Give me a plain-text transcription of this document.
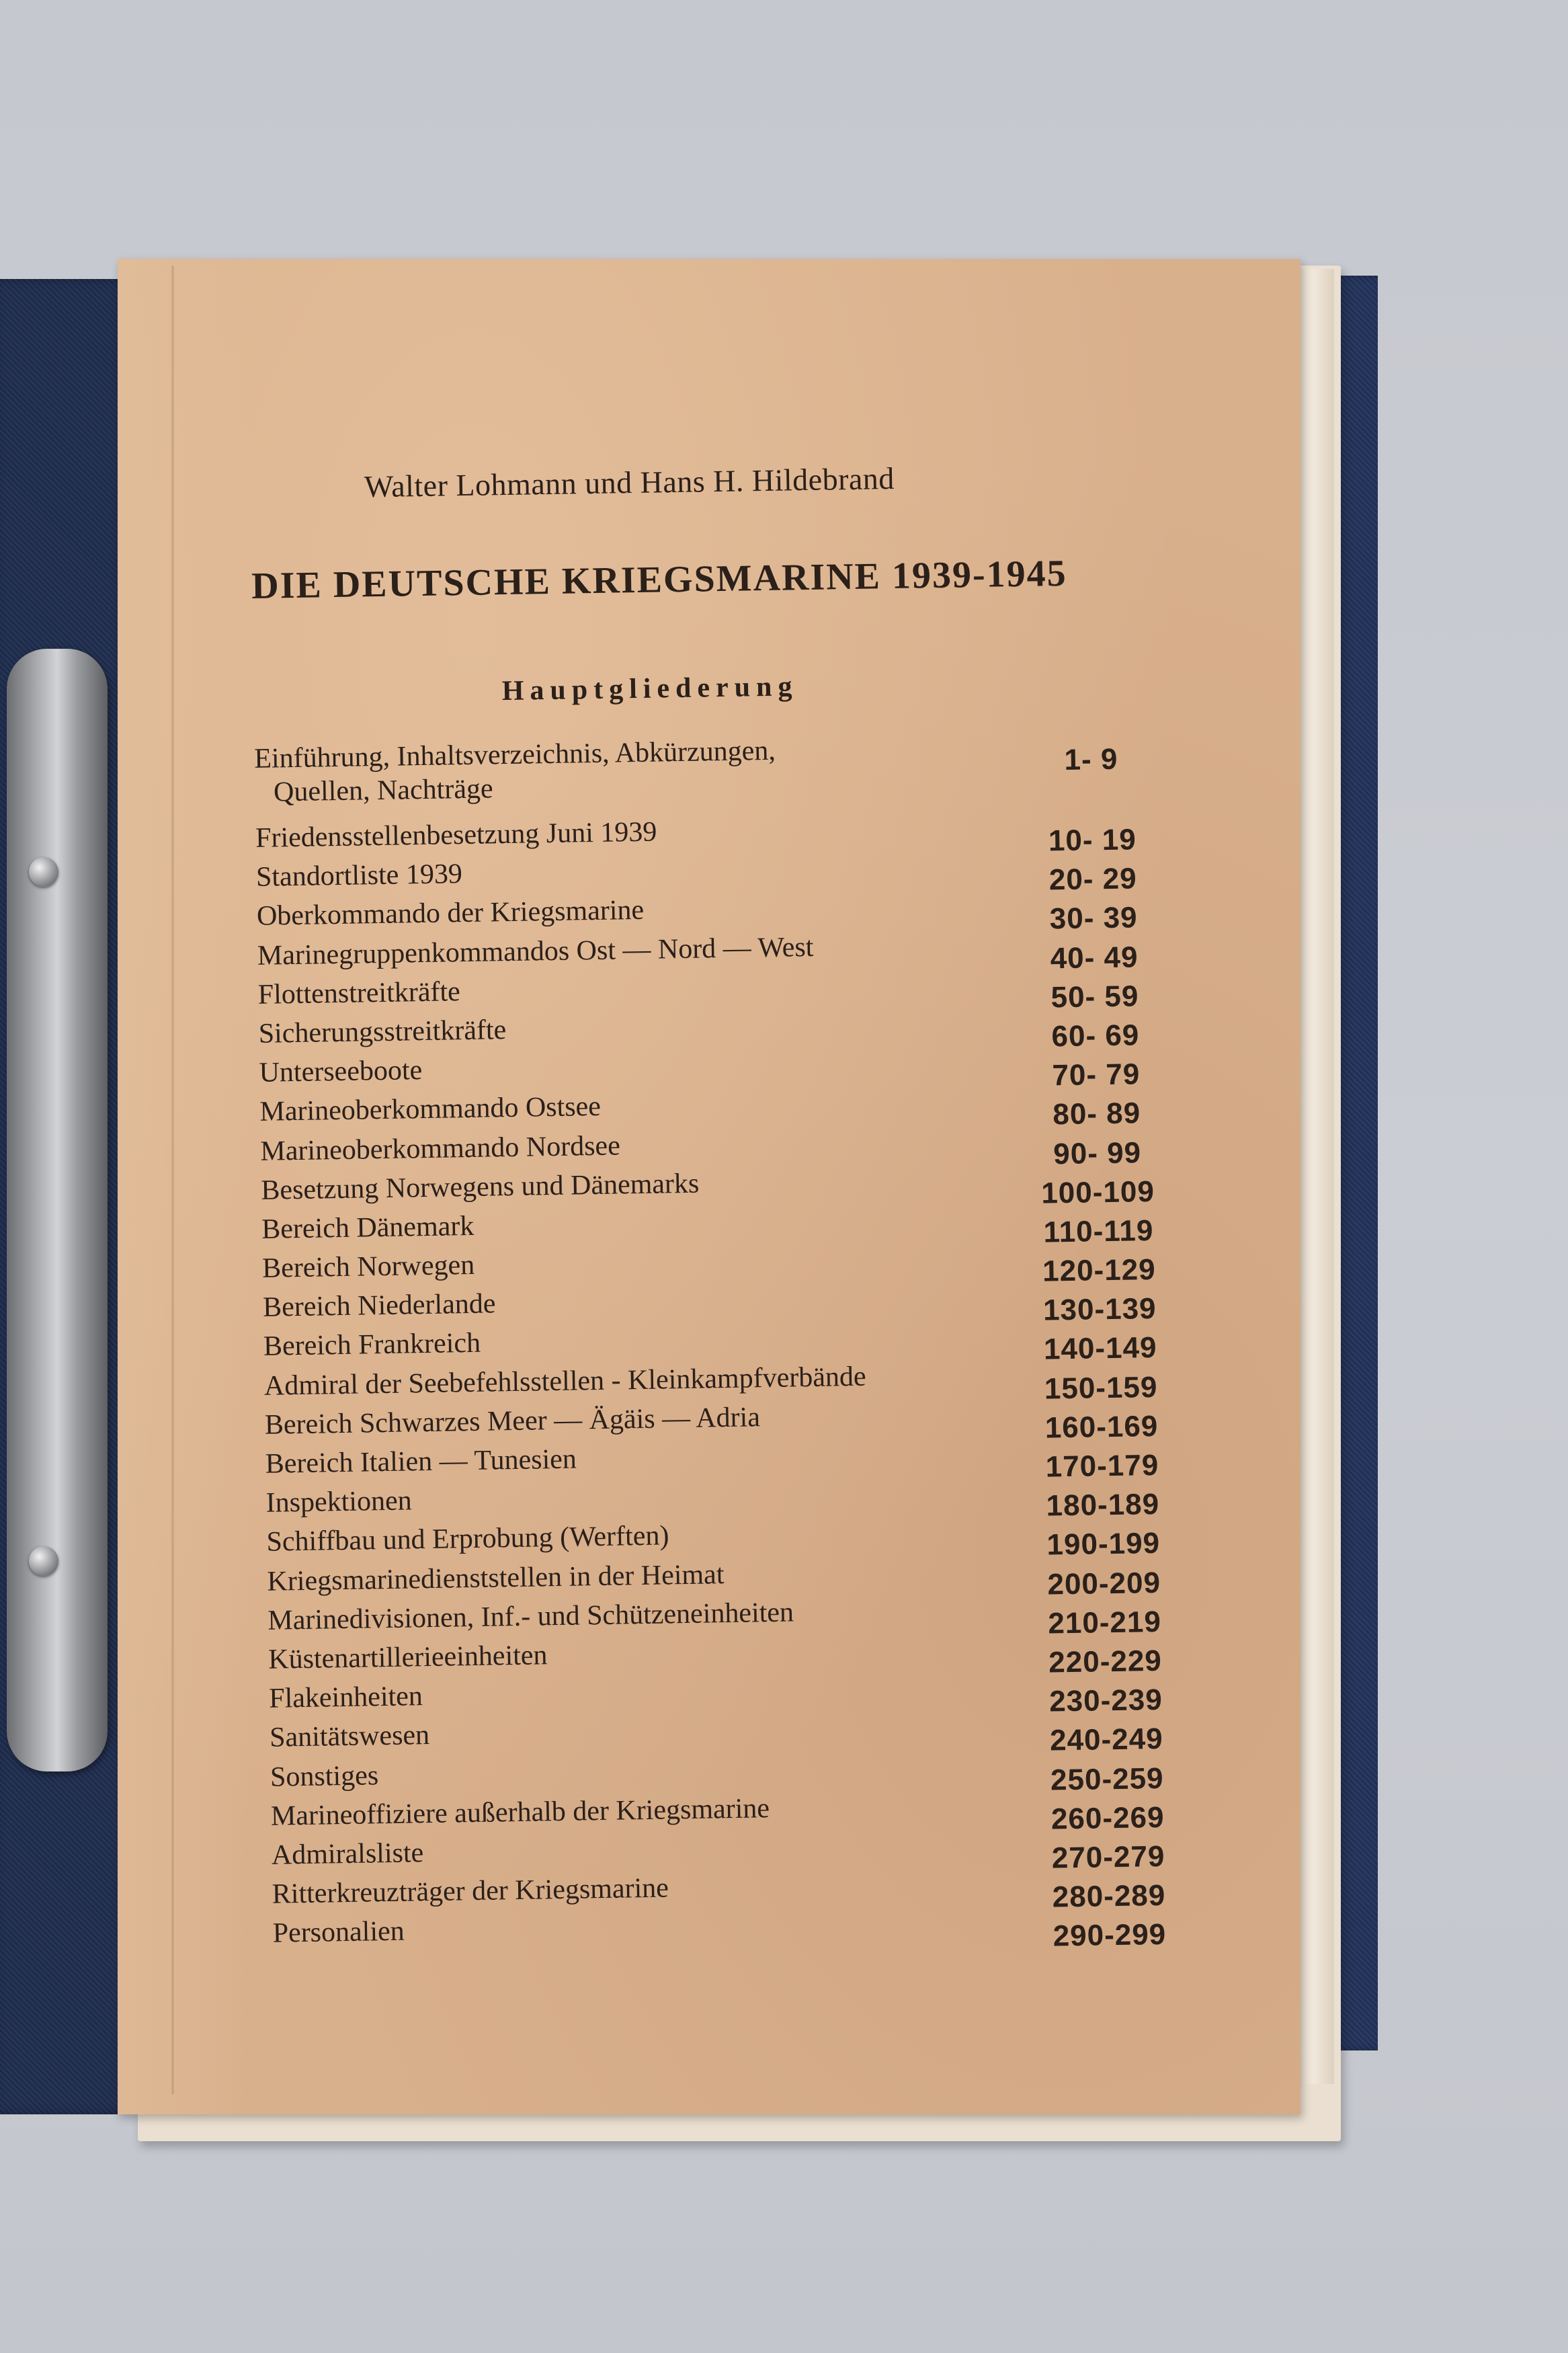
Walter Lohmann und Hans H. Hildebrand
DIE DEUTSCHE KRIEGSMARINE 1939-1945
Hauptgliederung
Einführung, Inhaltsverzeichnis, Abkürzungen,
Quellen, Nachträge
1- 9
Friedensstellenbesetzung Juni 1939	10- 19
Standortliste 1939	20- 29
Oberkommando der Kriegsmarine	30- 39
Marinegruppenkommandos Ost — Nord — West	40- 49
Flottenstreitkräfte	50- 59
Sicherungsstreitkräfte	60- 69
Unterseeboote	70- 79
Marineoberkommando Ostsee	80- 89
Marineoberkommando Nordsee	90- 99
Besetzung Norwegens und Dänemarks	100-109
Bereich Dänemark	110-119
Bereich Norwegen	120-129
Bereich Niederlande	130-139
Bereich Frankreich	140-149
Admiral der Seebefehlsstellen - Kleinkampfverbände	150-159
Bereich Schwarzes Meer — Ägäis — Adria	160-169
Bereich Italien — Tunesien	170-179
Inspektionen	180-189
Schiffbau und Erprobung (Werften)	190-199
Kriegsmarinedienststellen in der Heimat	200-209
Marinedivisionen, Inf.- und Schützeneinheiten	210-219
Küstenartillerieeinheiten	220-229
Flakeinheiten	230-239
Sanitätswesen	240-249
Sonstiges	250-259
Marineoffiziere außerhalb der Kriegsmarine	260-269
Admiralsliste	270-279
Ritterkreuzträger der Kriegsmarine	280-289
Personalien	290-299
